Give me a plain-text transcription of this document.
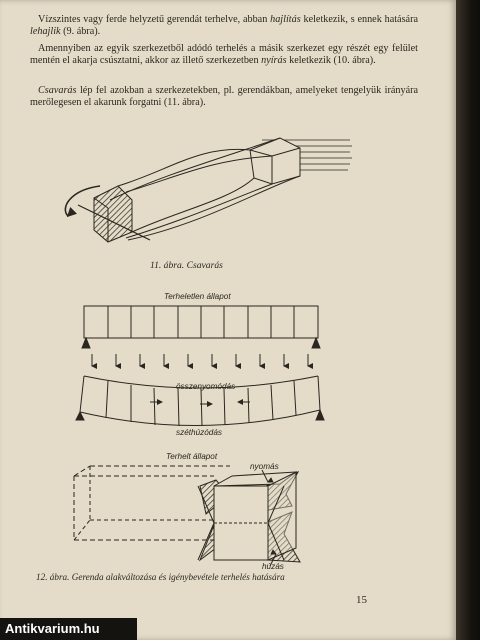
Vízszintes vagy ferde helyzetű gerendát terhelve, abban hajlítás keletkezik, s ennek hatására lehajlik (9. ábra).

Amennyiben az egyik szerkezetből adódó terhelés a másik szerkezet egy részét egy felület mentén el akarja csúsztatni, akkor az illető szerkezetben nyírás keletkezik (10. ábra).

Csavarás lép fel azokban a szerkezetekben, pl. gerendákban, amelyeket tengelyük irányára merőlegesen el akarunk forgatni (11. ábra).

11. ábra. Csavarás

Terheletlen állapot

összenyomódás

széthúzódás

Terhelt állapot

nyomás

húzás

12. ábra. Gerenda alakváltozása és igénybevétele terhelés hatására

15

Antikvarium.hu
